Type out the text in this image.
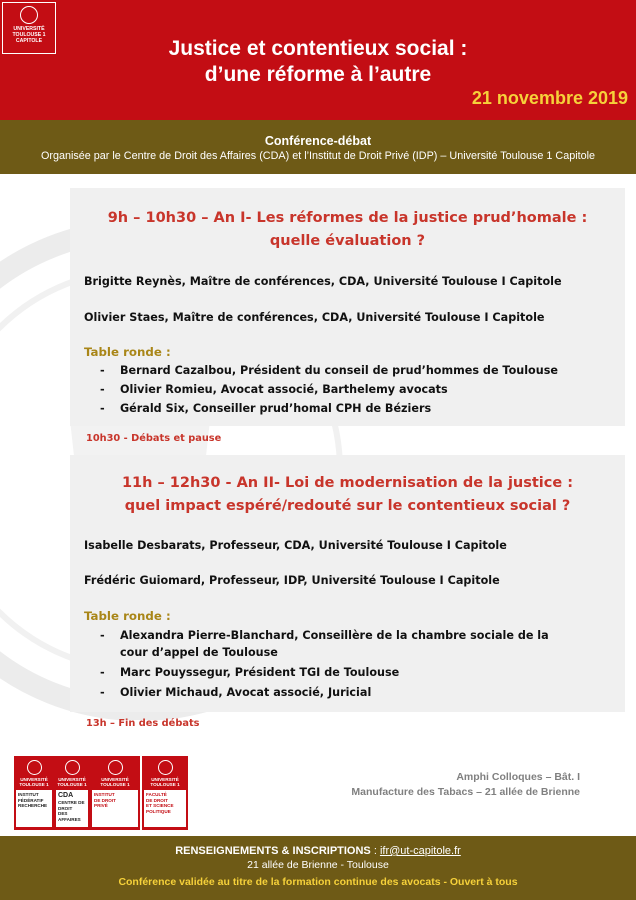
UNIVERSITÉ
TOULOUSE 1
CAPITOLE	Justice et contentieux social :
d’une réforme à l’autre
21 novembre 2019
Conférence-débat
Organisée par le Centre de Droit des Affaires (CDA) et l’Institut de Droit Privé (IDP) – Université Toulouse 1 Capitole
9h – 10h30 – An I- Les réformes de la justice prud’homale :
quelle évaluation ?
Brigitte Reynès, Maître de conférences, CDA, Université Toulouse I Capitole
Olivier Staes, Maître de conférences, CDA, Université Toulouse I Capitole
Table ronde :
- Bernard Cazalbou, Président du conseil de prud’hommes de Toulouse
- Olivier Romieu, Avocat associé, Barthelemy avocats
- Gérald Six, Conseiller prud’homal CPH de Béziers
10h30 - Débats et pause
11h – 12h30 - An II- Loi de modernisation de la justice :
quel impact espéré/redouté sur le contentieux social ?
Isabelle Desbarats, Professeur, CDA, Université Toulouse I Capitole
Frédéric Guiomard, Professeur, IDP, Université Toulouse I Capitole
Table ronde :
- Alexandra Pierre-Blanchard, Conseillère de la chambre sociale de la cour d’appel de Toulouse
- Marc Pouyssegur, Président TGI de Toulouse
- Olivier Michaud, Avocat associé, Juricial
13h – Fin des débats
UNIVERSITÉ
TOULOUSE 1
INSTITUT
FÉDÉRATIF
RECHERCHE
UNIVERSITÉ
TOULOUSE 1
CDA
CENTRE DE DROIT
DES AFFAIRES
UNIVERSITÉ
TOULOUSE 1
INSTITUT
DE DROIT
PRIVÉ
UNIVERSITÉ
TOULOUSE 1
FACULTÉ
DE DROIT
ET SCIENCE
POLITIQUE
Amphi Colloques – Bât. I
Manufacture des Tabacs – 21 allée de Brienne
RENSEIGNEMENTS & INSCRIPTIONS : ifr@ut-capitole.fr
21 allée de Brienne - Toulouse
Conférence validée au titre de la formation continue des avocats - Ouvert à tous
